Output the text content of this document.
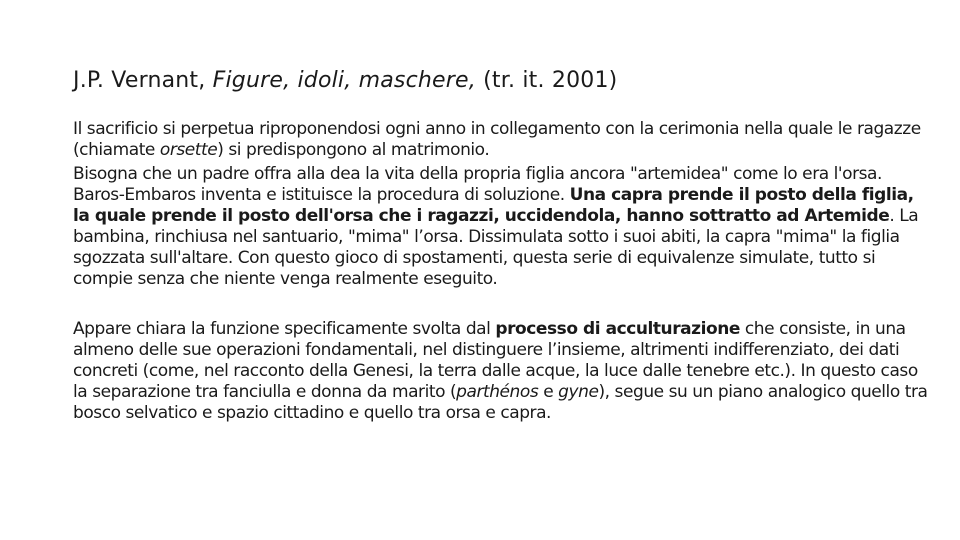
J.P. Vernant, Figure, idoli, maschere, (tr. it. 2001)

Il sacrificio si perpetua riproponendosi ogni anno in collegamento con la cerimonia nella quale le ragazze (chiamate orsette) si predispongono al matrimonio.

Bisogna che un padre offra alla dea la vita della propria figlia ancora "artemidea" come lo era l'orsa. Baros-Embaros inventa e istituisce la procedura di soluzione. Una capra prende il posto della figlia, la quale prende il posto dell'orsa che i ragazzi, uccidendola, hanno sottratto ad Artemide. La bambina, rinchiusa nel santuario, "mima" l’orsa. Dissimulata sotto i suoi abiti, la capra "mima" la figlia sgozzata sull'altare. Con questo gioco di spostamenti, questa serie di equivalenze simulate, tutto si compie senza che niente venga realmente eseguito.

Appare chiara la funzione specificamente svolta dal processo di acculturazione che consiste, in una almeno delle sue operazioni fondamentali, nel distinguere l’insieme, altrimenti indifferenziato, dei dati concreti (come, nel racconto della Genesi, la terra dalle acque, la luce dalle tenebre etc.). In questo caso la separazione tra fanciulla e donna da marito (parthénos e gyne), segue su un piano analogico quello tra bosco selvatico e spazio cittadino e quello tra orsa e capra.
